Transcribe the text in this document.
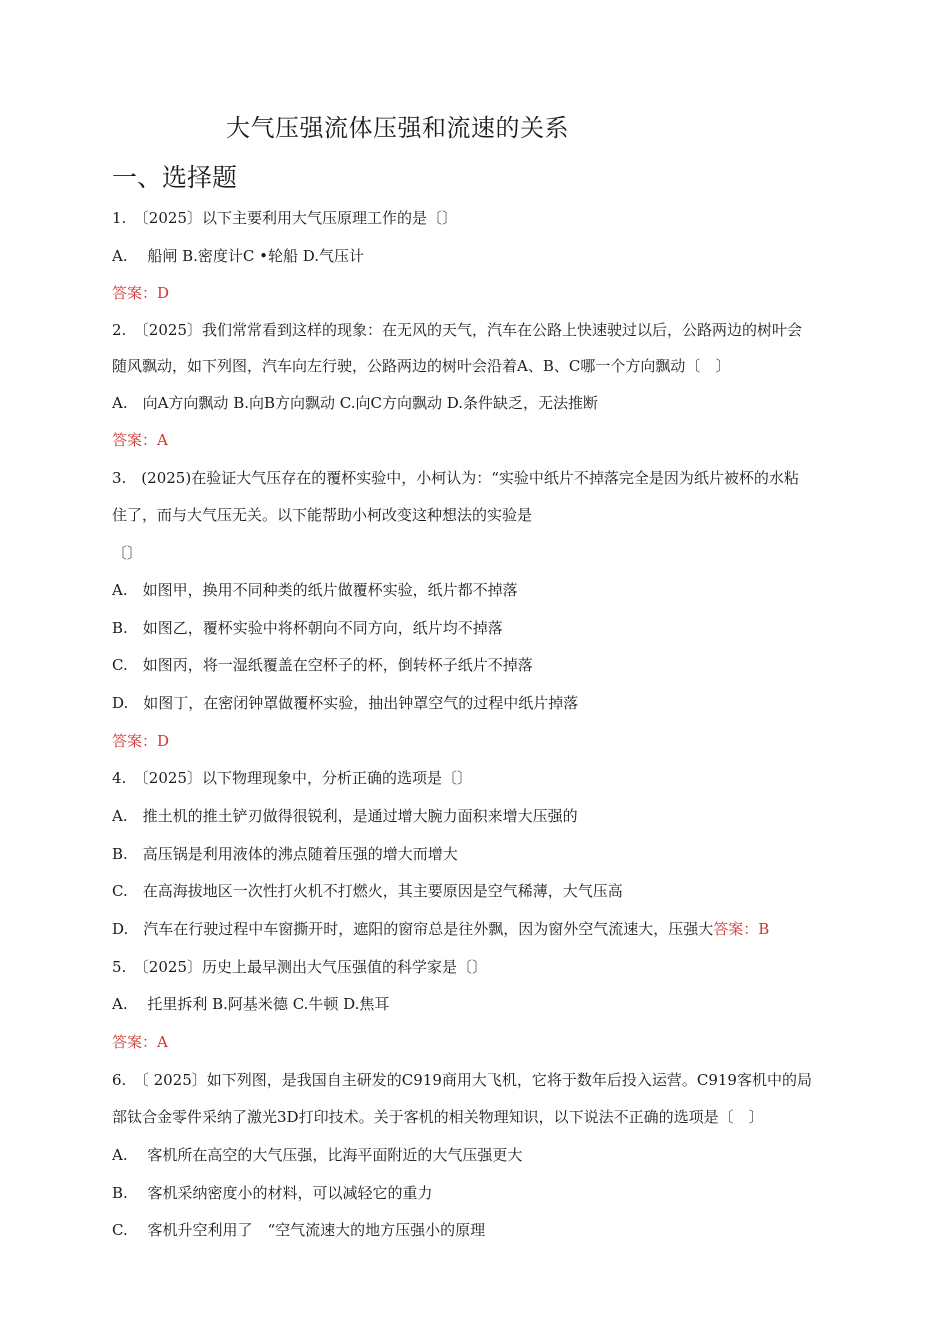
大气压强流体压强和流速的关系
一、选择题
1.　〔2025〕以下主要利用大气压原理工作的是〔〕
A.　 船闸 B.密度计C •轮船 D.气压计
答案：D
2.　〔2025〕我们常常看到这样的现象：在无风的天气，汽车在公路上快速驶过以后，公路两边的树叶会
随风飘动，如下列图，汽车向左行驶，公路两边的树叶会沿着A、B、C哪一个方向飘动〔　〕
A.　向A方向飘动 B.向B方向飘动 C.向C方向飘动 D.条件缺乏，无法推断
答案：A
3.　(2025)在验证大气压存在的覆杯实验中，小柯认为：“实验中纸片不掉落完全是因为纸片被杯的水粘
住了，而与大气压无关。以下能帮助小柯改变这种想法的实验是
〔〕
A.　如图甲，换用不同种类的纸片做覆杯实验，纸片都不掉落
B.　如图乙，覆杯实验中将杯朝向不同方向，纸片均不掉落
C.　如图丙，将一湿纸覆盖在空杯子的杯，倒转杯子纸片不掉落
D.　如图丁，在密闭钟罩做覆杯实验，抽出钟罩空气的过程中纸片掉落
答案：D
4.　〔2025〕以下物理现象中，分析正确的选项是〔〕
A.　推土机的推土铲刃做得很锐利，是通过增大腕力面积来增大压强的
B.　高压锅是利用液体的沸点随着压强的增大而增大
C.　在高海拔地区一次性打火机不打燃火，其主要原因是空气稀薄，大气压高
D.　汽车在行驶过程中车窗撕开时，遮阳的窗帘总是往外飘，因为窗外空气流速大，压强大答案：B
5.　〔2025〕历史上最早测出大气压强值的科学家是〔〕
A.　 托里拆利 B.阿基米德 C.牛顿 D.焦耳
答案：A
6.　〔 2025〕如下列图，是我国自主研发的C919商用大飞机，它将于数年后投入运营。C919客机中的局
部钛合金零件采纳了激光3D打印技术。关于客机的相关物理知识，以下说法不正确的选项是〔　〕
A.　 客机所在高空的大气压强，比海平面附近的大气压强更大
B.　 客机采纳密度小的材料，可以减轻它的重力
C.　 客机升空利用了　“空气流速大的地方压强小的原理
